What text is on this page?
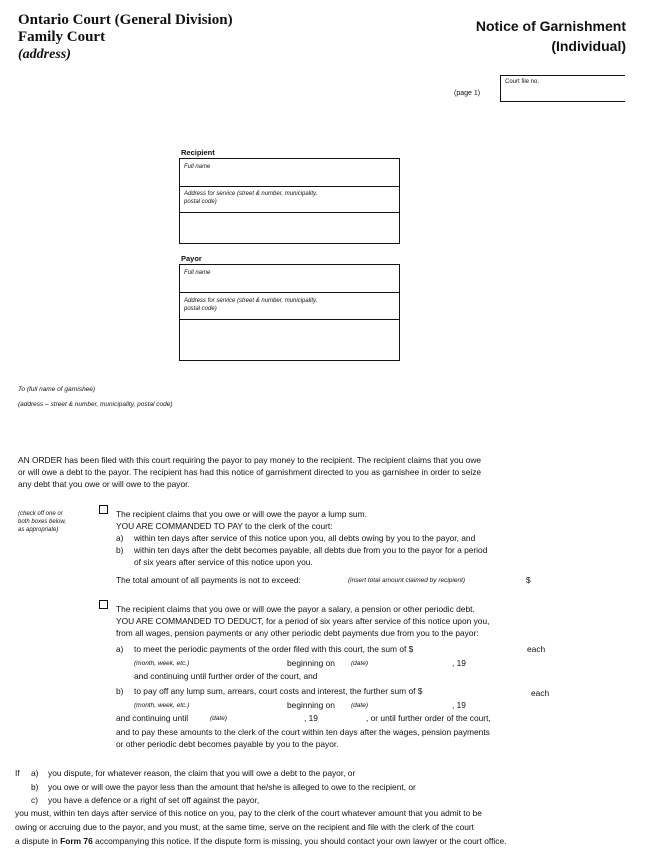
Ontario Court (General Division)
Family Court
(address)
Notice of Garnishment
(Individual)
(page 1)
Court file no.
Recipient
Full name
Address for service (street & number, municipality,
postal code)
Payor
Full name
Address for service (street & number, municipality,
postal code)
To (full name of garnishee)
(address – street & number, municipality, postal code)
AN ORDER has been filed with this court requiring the payor to pay money to the recipient. The recipient claims that you owe
or will owe a debt to the payor. The recipient has had this notice of garnishment directed to you as garnishee in order to seize
any debt that you owe or will owe to the payor.
(check off one or
both boxes below,
as appropriate)
The recipient claims that you owe or will owe the payor a lump sum.
YOU ARE COMMANDED TO PAY to the clerk of the court:
a) within ten days after service of this notice upon you, all debts owing by you to the payor, and
b) within ten days after the debt becomes payable, all debts due from you to the payor for a period
of six years after service of this notice upon you.
The total amount of all payments is not to exceed:	(insert total amount claimed by recipient)	$
The recipient claims that you owe or will owe the payor a salary, a pension or other periodic debt.
YOU ARE COMMANDED TO DEDUCT, for a period of six years after service of this notice upon you,
from all wages, pension payments or any other periodic debt payments due from you to the payor:
a) to meet the periodic payments of the order filed with this court, the sum of $	each
(month, week, etc.)	beginning on (date)	, 19
and continuing until further order of the court, and
b) to pay off any lump sum, arrears, court costs and interest, the further sum of $	each
(month, week, etc.)	beginning on (date)	, 19
and continuing until	(date)	, 19	, or until further order of the court,
and to pay these amounts to the clerk of the court within ten days after the wages, pension payments
or other periodic debt becomes payable by you to the payor.
If a) you dispute, for whatever reason, the claim that you will owe a debt to the payor, or
b) you owe or will owe the payor less than the amount that he/she is alleged to owe to the recipient, or
c) you have a defence or a right of set off against the payor,
you must, within ten days after service of this notice on you, pay to the clerk of the court whatever amount that you admit to be
owing or accruing due to the payor, and you must, at the same time, serve on the recipient and file with the clerk of the court
a dispute in Form 76 accompanying this notice. If the dispute form is missing, you should contact your own lawyer or the court office.
